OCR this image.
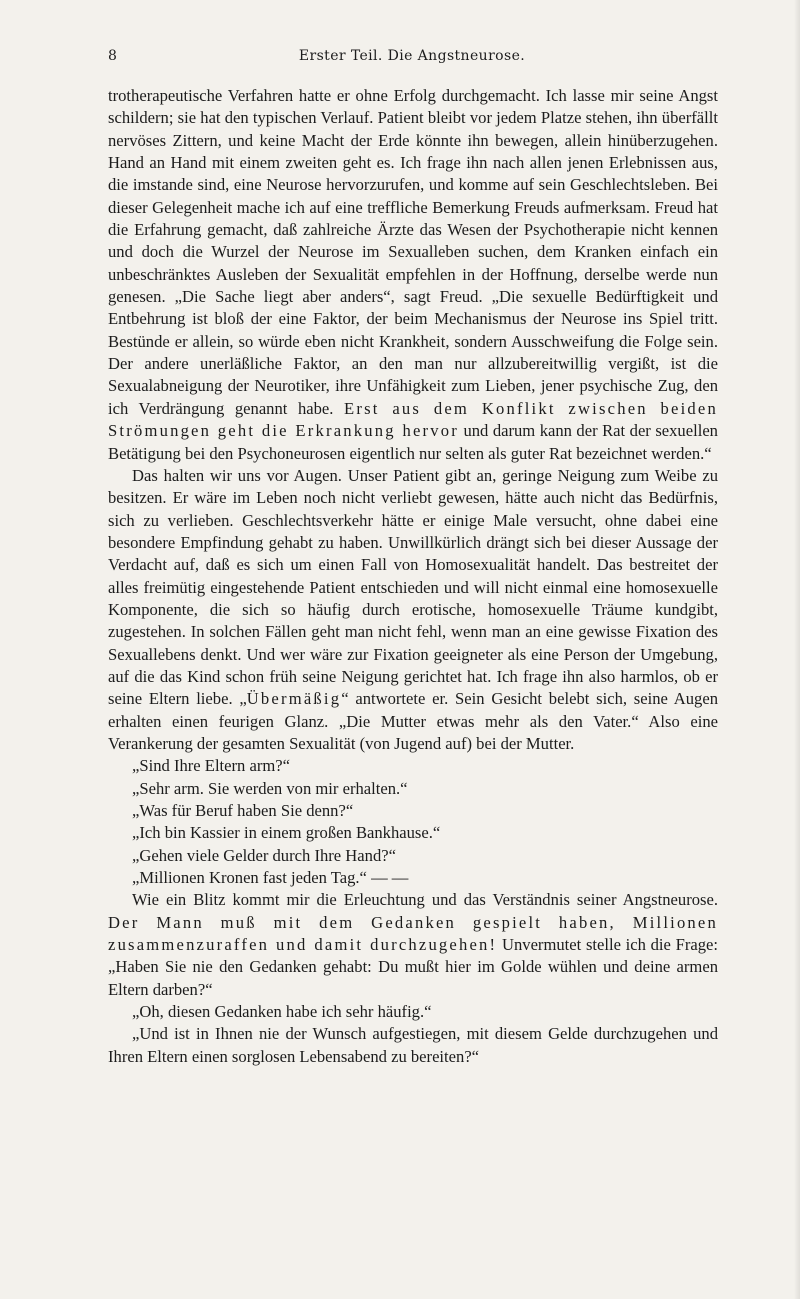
8	Erster Teil. Die Angstneurose.

trotherapeutische Verfahren hatte er ohne Erfolg durchgemacht. Ich lasse mir seine Angst schildern; sie hat den typischen Verlauf. Patient bleibt vor jedem Platze stehen, ihn überfällt nervöses Zittern, und keine Macht der Erde könnte ihn bewegen, allein hinüberzugehen. Hand an Hand mit einem zweiten geht es. Ich frage ihn nach allen jenen Erlebnissen aus, die imstande sind, eine Neurose hervorzurufen, und komme auf sein Geschlechtsleben. Bei dieser Gelegenheit mache ich auf eine treffliche Bemerkung Freuds aufmerksam. Freud hat die Erfahrung gemacht, daß zahlreiche Ärzte das Wesen der Psychotherapie nicht kennen und doch die Wurzel der Neurose im Sexualleben suchen, dem Kranken einfach ein unbeschränktes Ausleben der Sexualität empfehlen in der Hoffnung, derselbe werde nun genesen. „Die Sache liegt aber anders“, sagt Freud. „Die sexuelle Bedürftigkeit und Entbehrung ist bloß der eine Faktor, der beim Mechanismus der Neurose ins Spiel tritt. Bestünde er allein, so würde eben nicht Krankheit, sondern Ausschweifung die Folge sein. Der andere unerläßliche Faktor, an den man nur allzubereitwillig vergißt, ist die Sexualabneigung der Neurotiker, ihre Unfähigkeit zum Lieben, jener psychische Zug, den ich Verdrängung genannt habe. Erst aus dem Konflikt zwischen beiden Strömungen geht die Erkrankung hervor und darum kann der Rat der sexuellen Betätigung bei den Psychoneurosen eigentlich nur selten als guter Rat bezeichnet werden.“

Das halten wir uns vor Augen. Unser Patient gibt an, geringe Neigung zum Weibe zu besitzen. Er wäre im Leben noch nicht verliebt gewesen, hätte auch nicht das Bedürfnis, sich zu verlieben. Geschlechtsverkehr hätte er einige Male versucht, ohne dabei eine besondere Empfindung gehabt zu haben. Unwillkürlich drängt sich bei dieser Aussage der Verdacht auf, daß es sich um einen Fall von Homosexualität handelt. Das bestreitet der alles freimütig eingestehende Patient entschieden und will nicht einmal eine homosexuelle Komponente, die sich so häufig durch erotische, homosexuelle Träume kundgibt, zugestehen. In solchen Fällen geht man nicht fehl, wenn man an eine gewisse Fixation des Sexuallebens denkt. Und wer wäre zur Fixation geeigneter als eine Person der Umgebung, auf die das Kind schon früh seine Neigung gerichtet hat. Ich frage ihn also harmlos, ob er seine Eltern liebe. „Übermäßig“ antwortete er. Sein Gesicht belebt sich, seine Augen erhalten einen feurigen Glanz. „Die Mutter etwas mehr als den Vater.“ Also eine Verankerung der gesamten Sexualität (von Jugend auf) bei der Mutter.

„Sind Ihre Eltern arm?“

„Sehr arm. Sie werden von mir erhalten.“

„Was für Beruf haben Sie denn?“

„Ich bin Kassier in einem großen Bankhause.“

„Gehen viele Gelder durch Ihre Hand?“

„Millionen Kronen fast jeden Tag.“ — —

Wie ein Blitz kommt mir die Erleuchtung und das Verständnis seiner Angstneurose. Der Mann muß mit dem Gedanken gespielt haben, Millionen zusammenzuraffen und damit durchzugehen! Unvermutet stelle ich die Frage: „Haben Sie nie den Gedanken gehabt: Du mußt hier im Golde wühlen und deine armen Eltern darben?“

„Oh, diesen Gedanken habe ich sehr häufig.“

„Und ist in Ihnen nie der Wunsch aufgestiegen, mit diesem Gelde durchzugehen und Ihren Eltern einen sorglosen Lebensabend zu bereiten?“
